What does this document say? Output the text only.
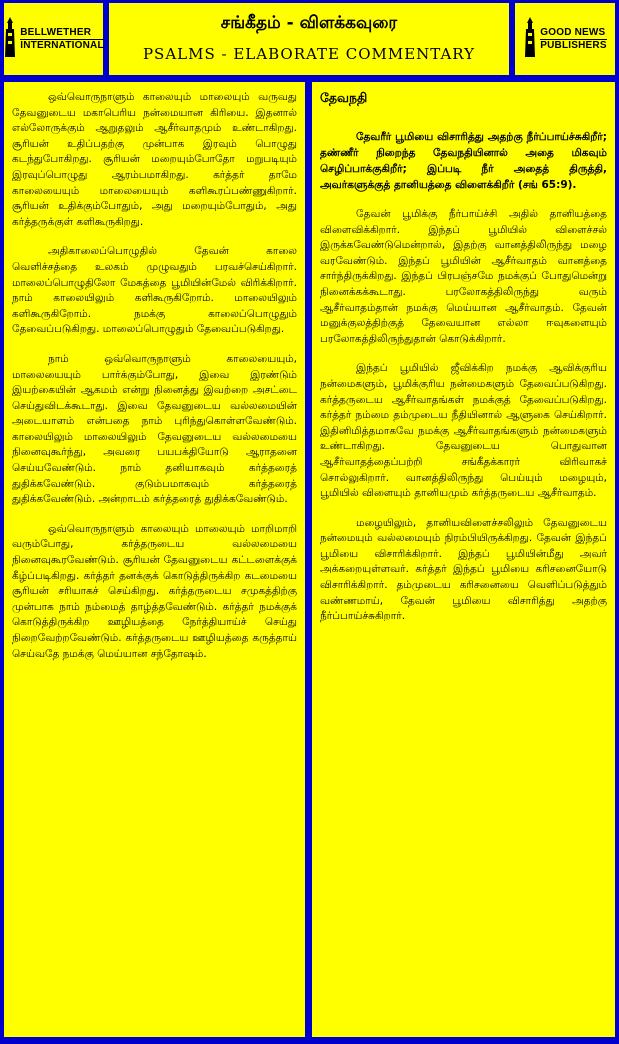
BELLWETHER
INTERNATIONAL
சங்கீதம் - விளக்கவுரை
PSALMS - ELABORATE COMMENTARY
GOOD NEWS
PUBLISHERS

ஒவ்வொருநாளும் காலையும் மாலையும் வருவது தேவனுடைய மகாபெரிய நன்மையான கிரியை. இதனால் எல்லோருக்கும் ஆறுதலும் ஆசீர்வாதமும் உண்டாகிறது. சூரியன் உதிப்பதற்கு முன்பாக இரவும் பொழுது கடந்துபோகிறது. சூரியன் மறையும்போதோ மறுபடியும் இரவுப்பொழுது ஆரம்பமாகிறது. கர்த்தர் தாமே காலையையும் மாலையையும் களிகூரப்பண்ணுகிறார். சூரியன் உதிக்கும்போதும், அது மறையும்போதும், அது கர்த்தருக்குள் களிகூருகிறது.

அதிகாலைப்பொழுதில் தேவன் காலை வெளிச்சத்தை உலகம் முழுவதும் பரவச்செய்கிறார். மாலைப்பொழுதிலோ மேகத்தை பூமியின்மேல் விரிக்கிறார். நாம் காலையிலும் களிகூருகிறோம். மாலையிலும் களிகூருகிறோம். நமக்கு காலைப்பொழுதும் தேவைப்படுகிறது. மாலைப்பொழுதும் தேவைப்படுகிறது.

நாம் ஒவ்வொருநாளும் காலையையும், மாலையையும் பார்க்கும்போது, இவை இரண்டும் இயற்கையின் ஆகமம் என்று நினைத்து இவற்றை அசட்டை செய்துவிடக்கூடாது. இவை தேவனுடைய வல்லமையின் அடையாளம் என்பதை நாம் புரிந்துகொள்ளவேண்டும். காலையிலும் மாலையிலும் தேவனுடைய வல்லமையை நினைவுகூர்ந்து, அவரை பயபக்தியோடு ஆராதனை செய்யவேண்டும். நாம் தனியாகவும் கர்த்தரைத் துதிக்கவேண்டும். குடும்பமாகவும் கர்த்தரைத் துதிக்கவேண்டும். அன்றாடம் கர்த்தரைத் துதிக்கவேண்டும்.

ஒவ்வொருநாளும் காலையும் மாலையும் மாறிமாறி வரும்போது, கர்த்தருடைய வல்லமையை நினைவுகூரவேண்டும். சூரியன் தேவனுடைய கட்டளைக்குக் கீழ்ப்படிகிறது. கர்த்தர் தனக்குக் கொடுத்திருக்கிற கடமையை சூரியன் சரியாகச் செய்கிறது. கர்த்தருடைய சமுகத்திற்கு முன்பாக நாம் நம்மைத் தாழ்த்தவேண்டும். கர்த்தர் நமக்குக் கொடுத்திருக்கிற ஊழியத்தை நேர்த்தியாய்ச் செய்து நிறைவேற்றவேண்டும். கர்த்தருடைய ஊழியத்தை கருத்தாய் செய்வதே நமக்கு மெய்யான சந்தோஷம்.

தேவநதி

தேவரீர் பூமியை விசாரித்து அதற்கு நீர்ப்பாய்ச்சுகிறீர்; தண்ணீர் நிறைந்த தேவநதியினால் அதை மிகவும் செழிப்பாக்குகிறீர்; இப்படி நீர் அதைத் திருத்தி, அவர்களுக்குத் தானியத்தை விளைக்கிறீர் (சங் 65:9).

தேவன் பூமிக்கு நீர்பாய்ச்சி அதில் தானியத்தை விளைவிக்கிறார். இந்தப் பூமியில் விளைச்சல் இருக்கவேண்டுமென்றால், இதற்கு வானத்திலிருந்து மழை வரவேண்டும். இந்தப் பூமியின் ஆசீர்வாதம் வானத்தை சார்ந்திருக்கிறது. இந்தப் பிரபஞ்சமே நமக்குப் போதுமென்று நினைக்கக்கூடாது. பரலோகத்திலிருந்து வரும் ஆசீர்வாதம்தான் நமக்கு மெய்யான ஆசீர்வாதம். தேவன் மனுக்குலத்திற்குத் தேவையான எல்லா ஈவுகளையும் பரலோகத்திலிருந்துதான் கொடுக்கிறார்.

இந்தப் பூமியில் ஜீவிக்கிற நமக்கு ஆவிக்குரிய நன்மைகளும், பூமிக்குரிய நன்மைகளும் தேவைப்படுகிறது. கர்த்தருடைய ஆசீர்வாதங்கள் நமக்குத் தேவைப்படுகிறது. கர்த்தர் நம்மை தம்முடைய நீதியினால் ஆளுகை செய்கிறார். இதினிமித்தமாகவே நமக்கு ஆசீர்வாதங்களும் நன்மைகளும் உண்டாகிறது. தேவனுடைய பொதுவான ஆசீர்வாதத்தைப்பற்றி சங்கீதக்காரர் விரிவாகச் சொல்லுகிறார். வானத்திலிருந்து பெய்யும் மழையும், பூமியில் விளையும் தானியமும் கர்த்தருடைய ஆசீர்வாதம்.

மழையிலும், தானியவிளைச்சலிலும் தேவனுடைய நன்மையும் வல்லமையும் நிரம்பியிருக்கிறது. தேவன் இந்தப் பூமியை விசாரிக்கிறார். இந்தப் பூமியின்மீது அவர் அக்கறையுள்ளவர். கர்த்தர் இந்தப் பூமியை கரிசனையோடு விசாரிக்கிறார். தம்முடைய கரிசனையை வெளிப்படுத்தும் வண்ணமாய், தேவன் பூமியை விசாரித்து அதற்கு நீர்ப்பாய்ச்சுகிறார்.
